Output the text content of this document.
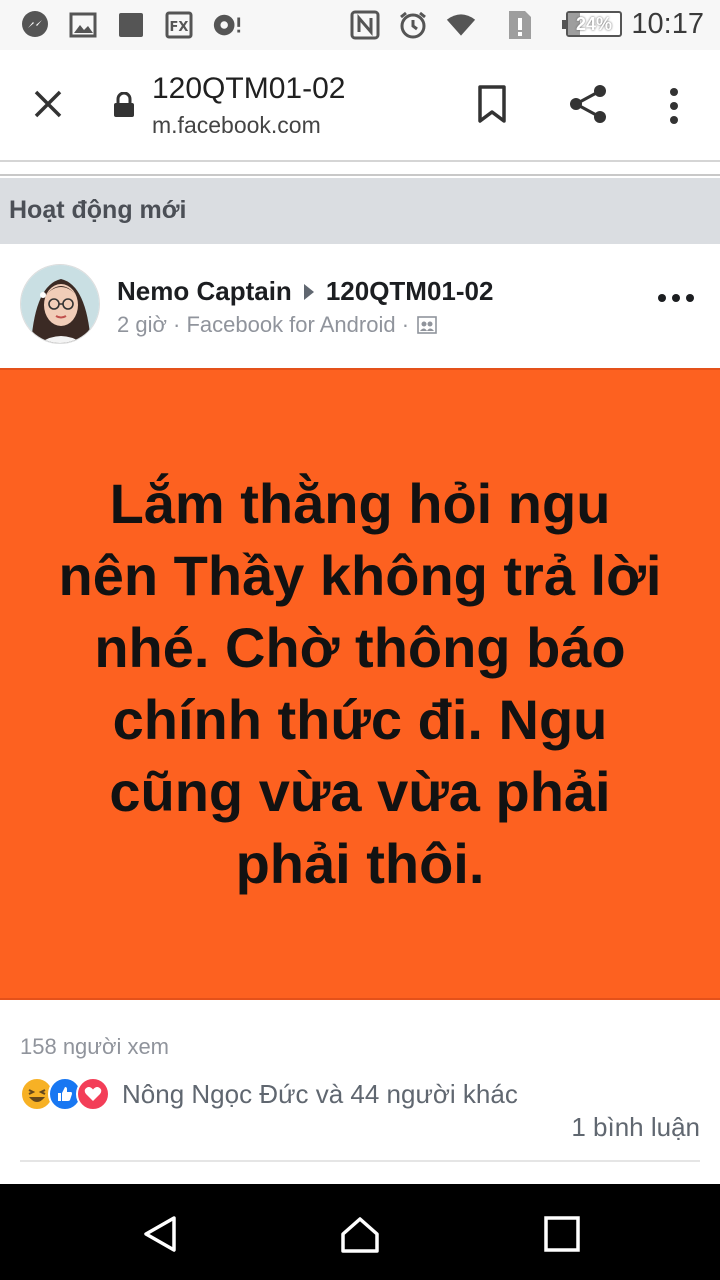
FX	24% 10:17
120QTM01-02
m.facebook.com
Hoạt động mới
Nemo Captain 120QTM01-02
2 giờ · Facebook for Android ·
Lắm thằng hỏi ngu
nên Thầy không trả lời
nhé. Chờ thông báo
chính thức đi. Ngu
cũng vừa vừa phải
phải thôi.
158 người xem
Nông Ngọc Đức và 44 người khác
1 bình luận
